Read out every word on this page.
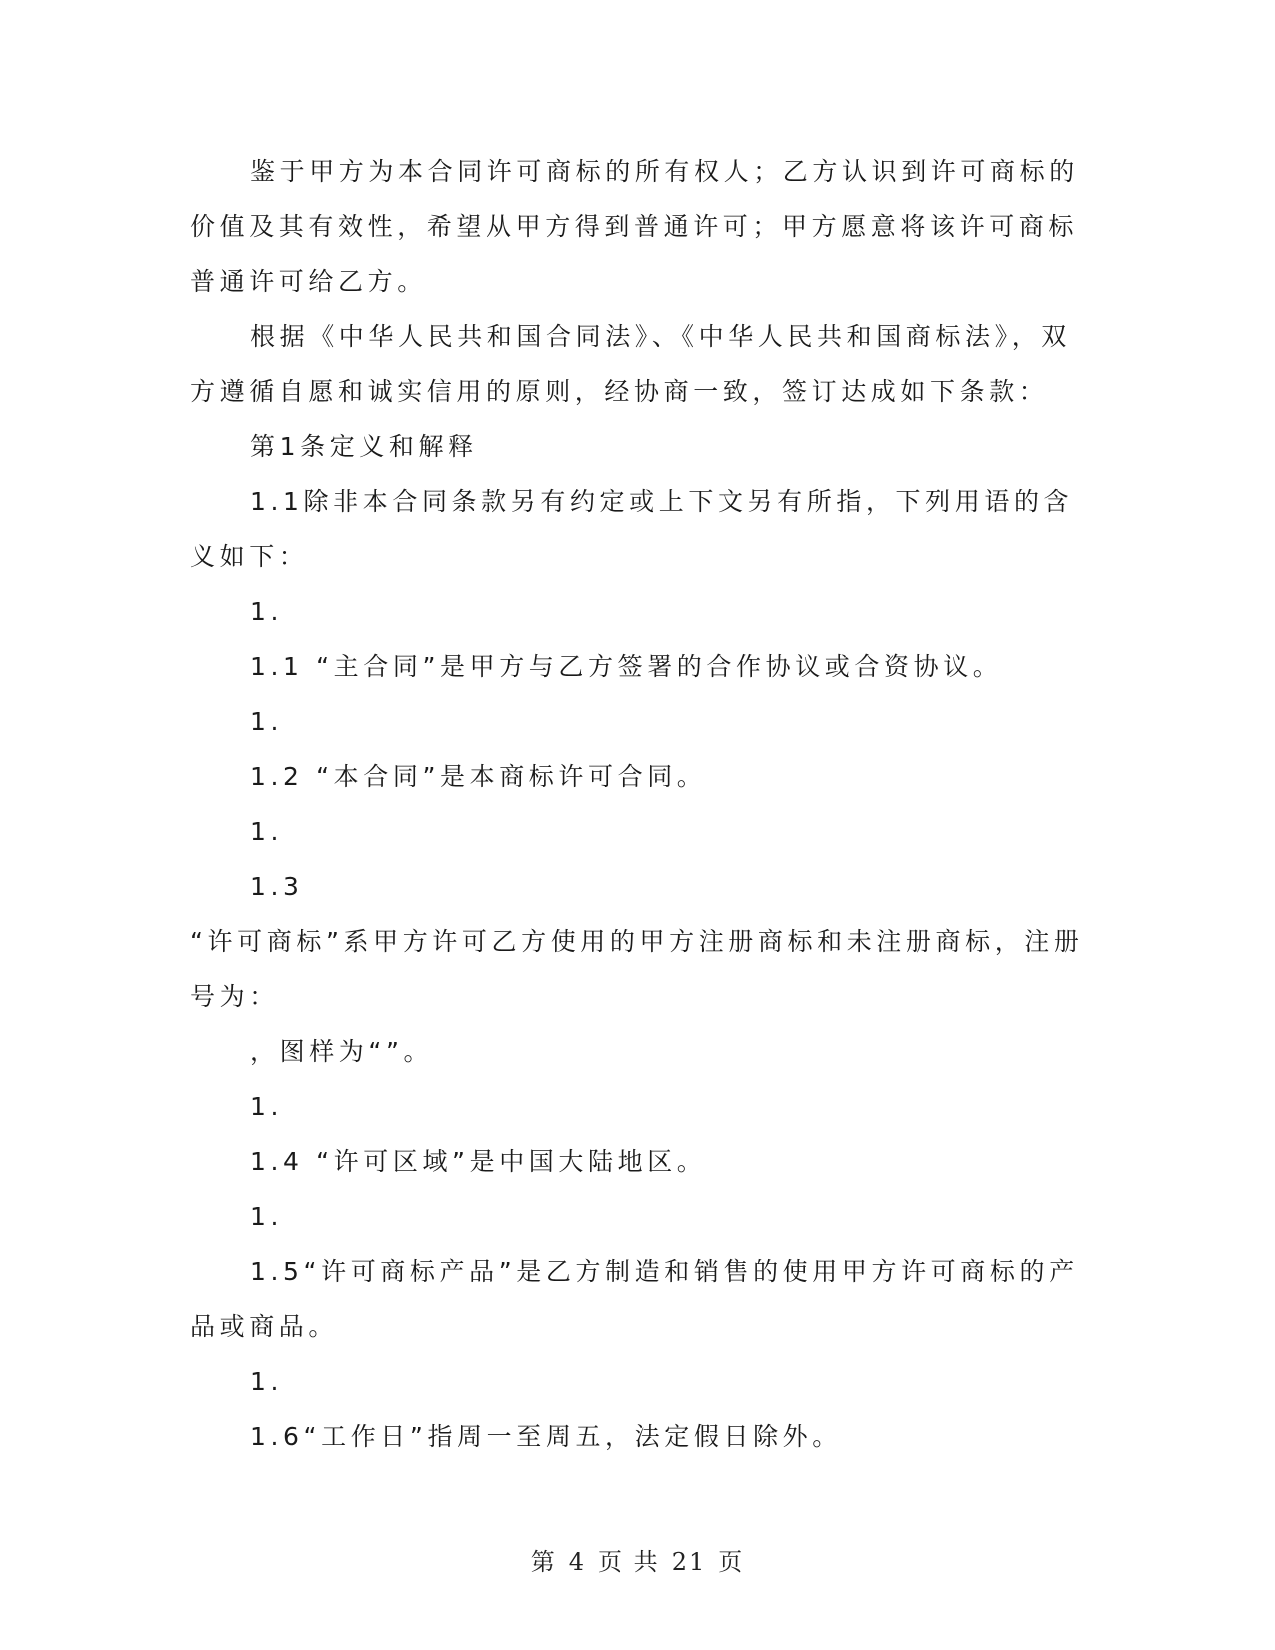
鉴于甲方为本合同许可商标的所有权人；乙方认识到许可商标的价值及其有效性，希望从甲方得到普通许可；甲方愿意将该许可商标普通许可给乙方。

根据《中华人民共和国合同法》、《中华人民共和国商标法》，双方遵循自愿和诚实信用的原则，经协商一致，签订达成如下条款：

第1条定义和解释

1.1除非本合同条款另有约定或上下文另有所指，下列用语的含义如下：

1.

1.1 “主合同”是甲方与乙方签署的合作协议或合资协议。

1.

1.2 “本合同”是本商标许可合同。

1.

1.3

“许可商标”系甲方许可乙方使用的甲方注册商标和未注册商标，注册号为：

，图样为“”。

1.

1.4 “许可区域”是中国大陆地区。

1.

1.5“许可商标产品”是乙方制造和销售的使用甲方许可商标的产品或商品。

1.

1.6“工作日”指周一至周五，法定假日除外。

第 4 页 共 21 页
